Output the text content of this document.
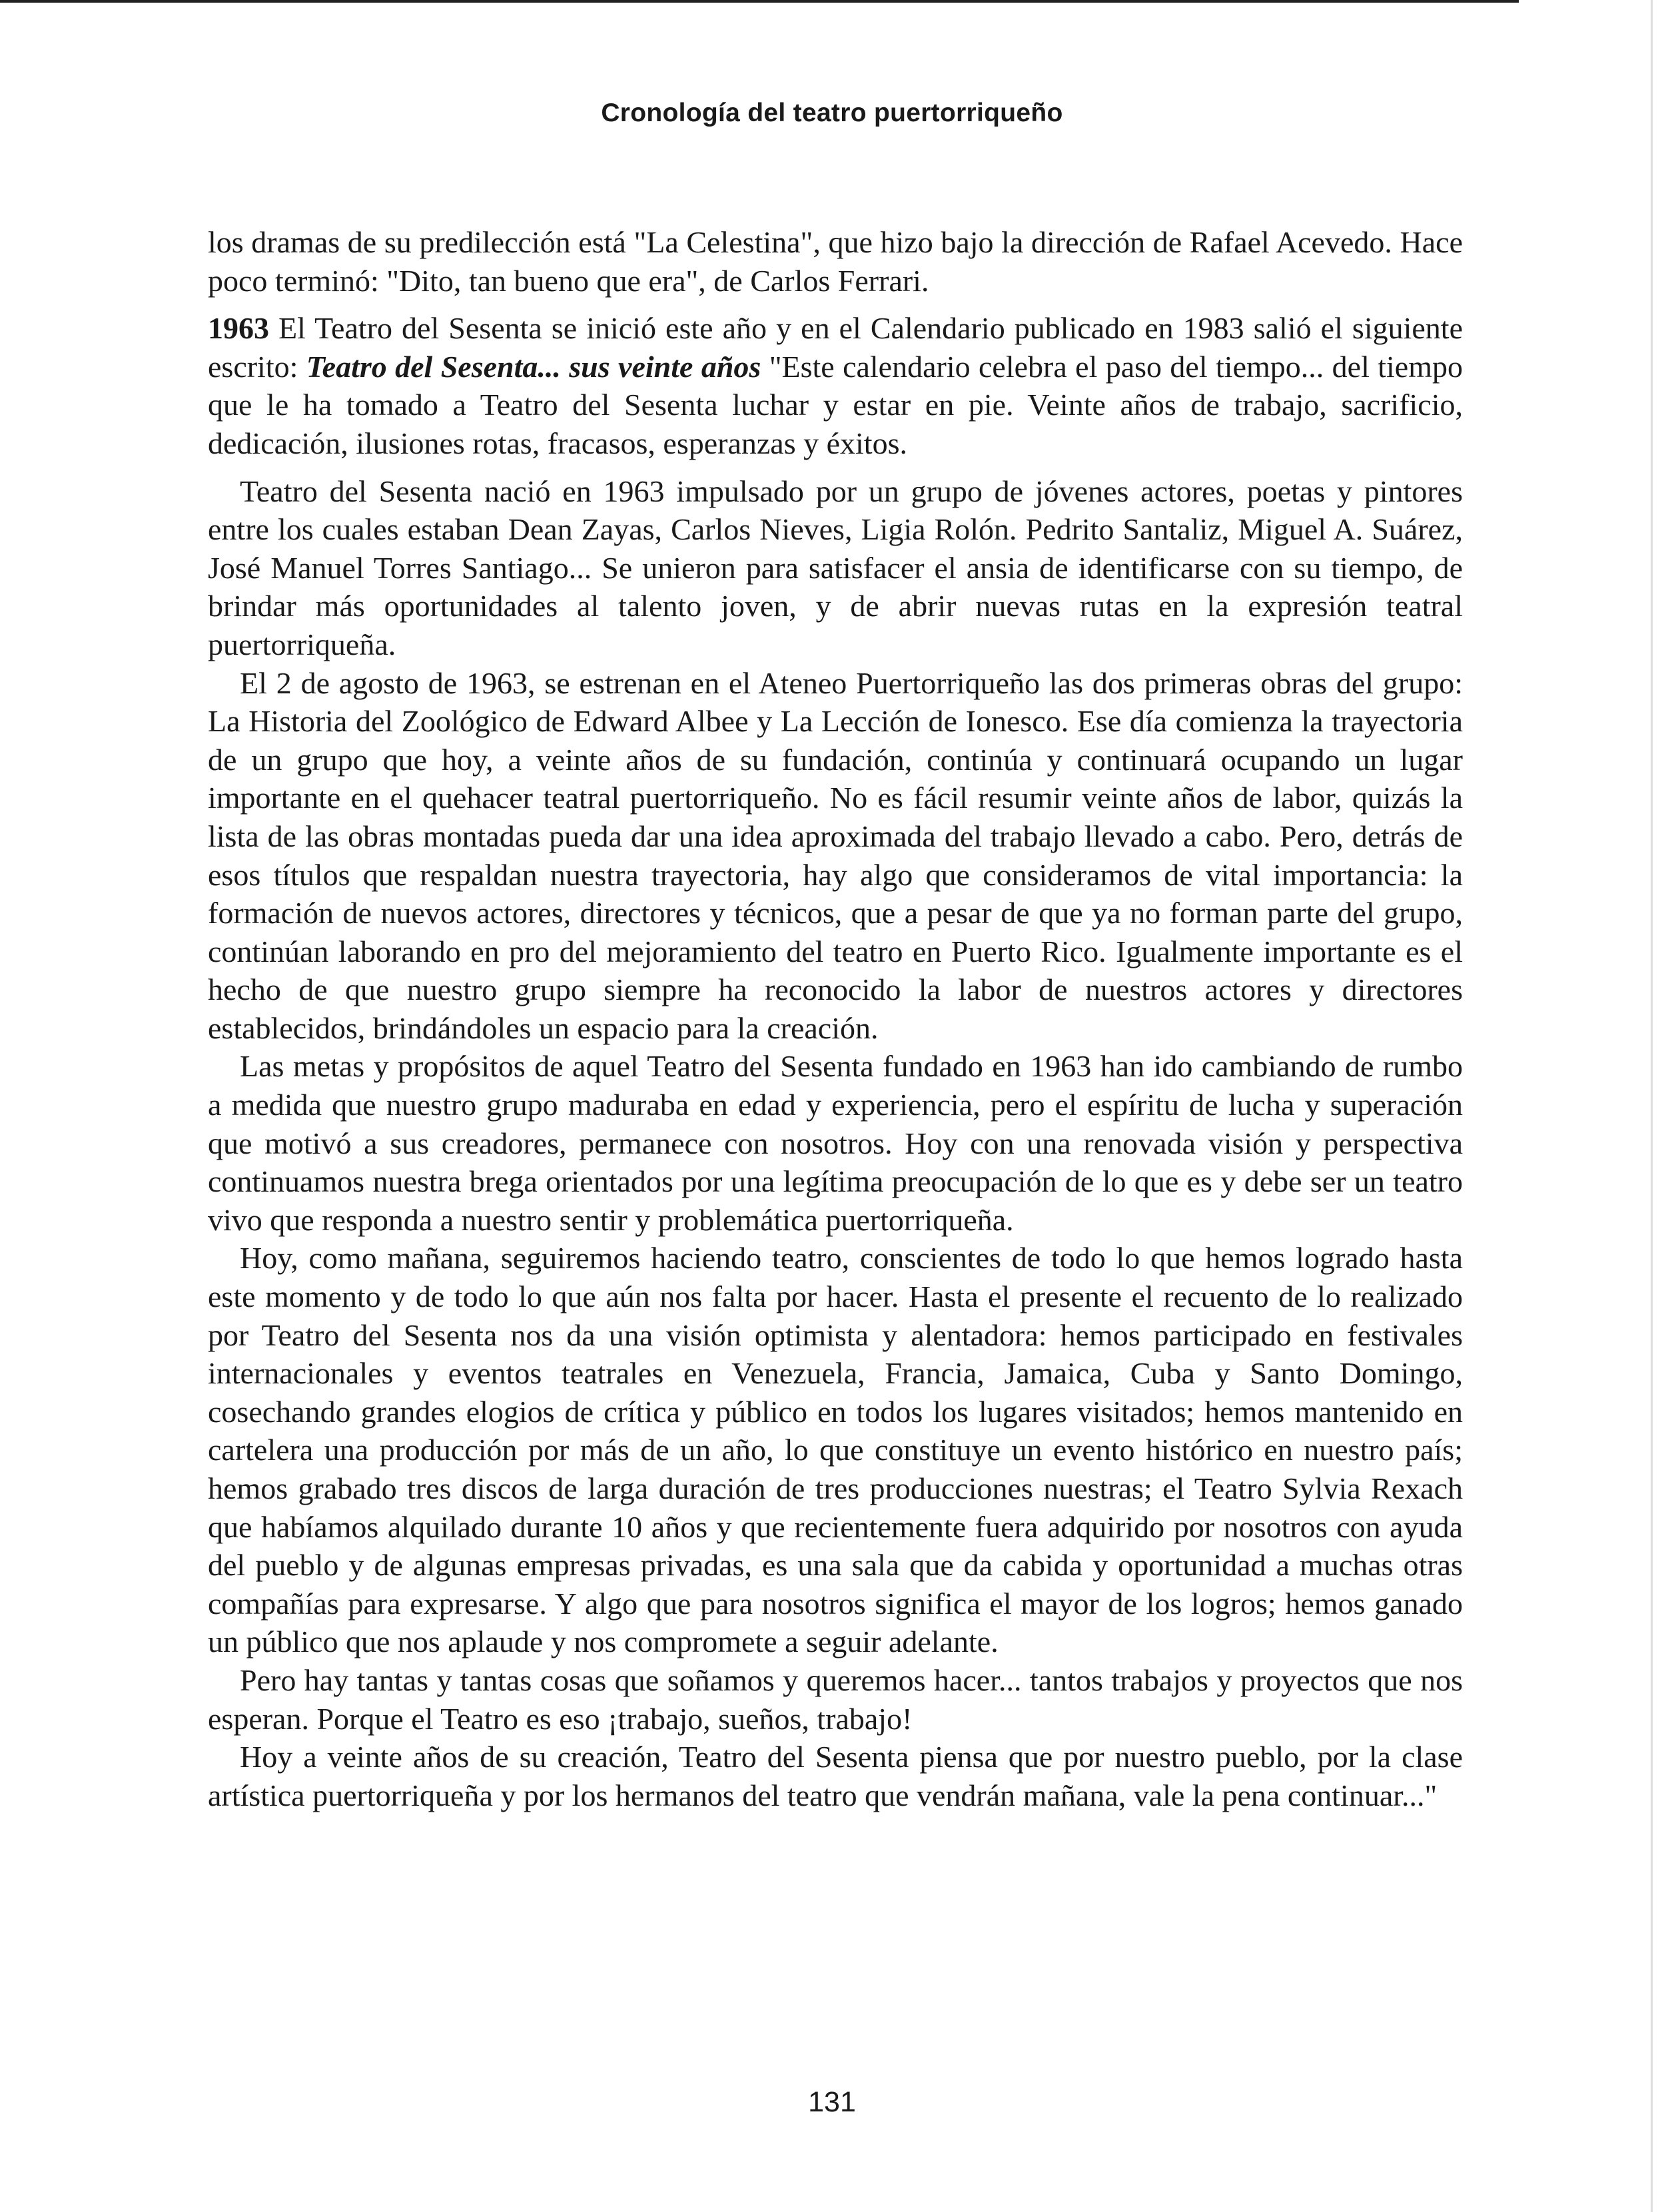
Cronología del teatro puertorriqueño

los dramas de su predilección está "La Celestina", que hizo bajo la dirección de Rafael Acevedo. Hace poco terminó: "Dito, tan bueno que era", de Carlos Ferrari.

1963 El Teatro del Sesenta se inició este año y en el Calendario publicado en 1983 salió el siguiente escrito: Teatro del Sesenta... sus veinte años "Este calendario celebra el paso del tiempo... del tiempo que le ha tomado a Teatro del Sesenta luchar y estar en pie. Veinte años de trabajo, sacrificio, dedicación, ilusiones rotas, fracasos, esperanzas y éxitos.

Teatro del Sesenta nació en 1963 impulsado por un grupo de jóvenes actores, poetas y pintores entre los cuales estaban Dean Zayas, Carlos Nieves, Ligia Rolón. Pedrito Santaliz, Miguel A. Suárez, José Manuel Torres Santiago... Se unieron para satisfacer el ansia de identificarse con su tiempo, de brindar más oportunidades al talento joven, y de abrir nuevas rutas en la expresión teatral puertorriqueña.

El 2 de agosto de 1963, se estrenan en el Ateneo Puertorriqueño las dos primeras obras del grupo: La Historia del Zoológico de Edward Albee y La Lección de Ionesco. Ese día comienza la trayectoria de un grupo que hoy, a veinte años de su fundación, continúa y continuará ocupando un lugar importante en el quehacer teatral puertorriqueño. No es fácil resumir veinte años de labor, quizás la lista de las obras montadas pueda dar una idea aproximada del trabajo llevado a cabo. Pero, detrás de esos títulos que respaldan nuestra trayectoria, hay algo que consideramos de vital importancia: la formación de nuevos actores, directores y técnicos, que a pesar de que ya no forman parte del grupo, continúan laborando en pro del mejoramiento del teatro en Puerto Rico. Igualmente importante es el hecho de que nuestro grupo siempre ha reconocido la labor de nuestros actores y directores establecidos, brindándoles un espacio para la creación.

Las metas y propósitos de aquel Teatro del Sesenta fundado en 1963 han ido cambiando de rumbo a medida que nuestro grupo maduraba en edad y experiencia, pero el espíritu de lucha y superación que motivó a sus creadores, permanece con nosotros. Hoy con una renovada visión y perspectiva continuamos nuestra brega orientados por una legítima preocupación de lo que es y debe ser un teatro vivo que responda a nuestro sentir y problemática puertorriqueña.

Hoy, como mañana, seguiremos haciendo teatro, conscientes de todo lo que hemos logrado hasta este momento y de todo lo que aún nos falta por hacer. Hasta el presente el recuento de lo realizado por Teatro del Sesenta nos da una visión optimista y alentadora: hemos participado en festivales internacionales y eventos teatrales en Venezuela, Francia, Jamaica, Cuba y Santo Domingo, cosechando grandes elogios de crítica y público en todos los lugares visitados; hemos mantenido en cartelera una producción por más de un año, lo que constituye un evento histórico en nuestro país; hemos grabado tres discos de larga duración de tres producciones nuestras; el Teatro Sylvia Rexach que habíamos alquilado durante 10 años y que recientemente fuera adquirido por nosotros con ayuda del pueblo y de algunas empresas privadas, es una sala que da cabida y oportunidad a muchas otras compañías para expresarse. Y algo que para nosotros significa el mayor de los logros; hemos ganado un público que nos aplaude y nos compromete a seguir adelante.

Pero hay tantas y tantas cosas que soñamos y queremos hacer... tantos trabajos y proyectos que nos esperan. Porque el Teatro es eso ¡trabajo, sueños, trabajo!

Hoy a veinte años de su creación, Teatro del Sesenta piensa que por nuestro pueblo, por la clase artística puertorriqueña y por los hermanos del teatro que vendrán mañana, vale la pena continuar..."

131
